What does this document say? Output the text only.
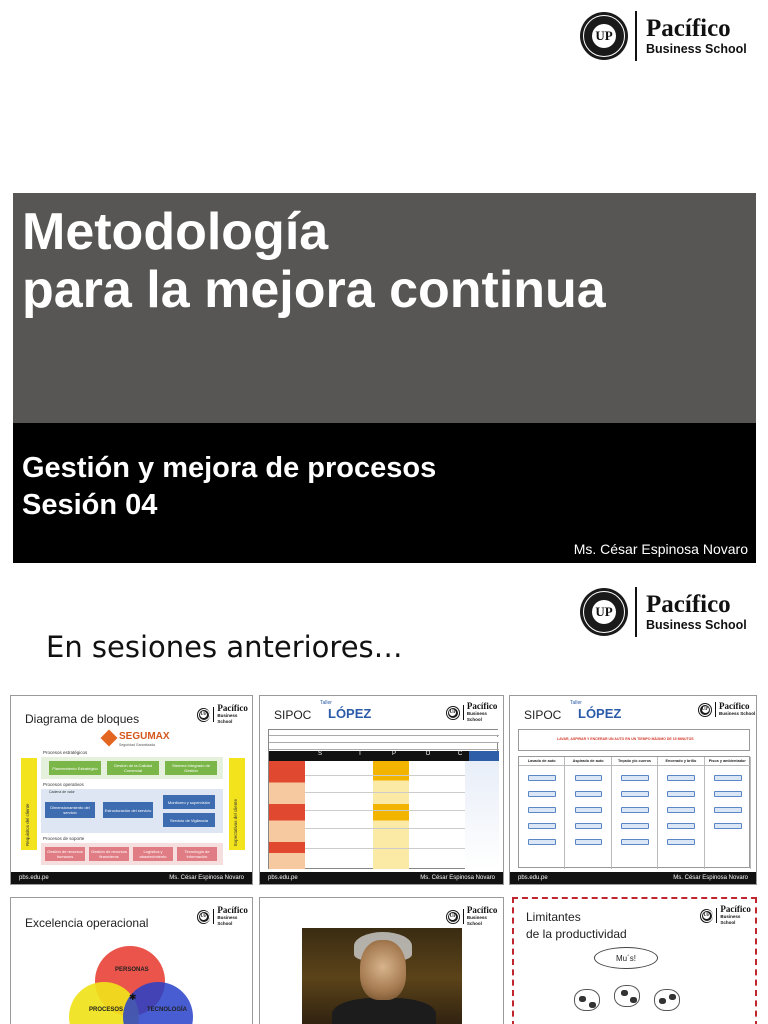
UP Pacífico
Business School
Metodología
para la mejora continua
Gestión y mejora de procesos
Sesión 04
Ms. César Espinosa Novaro
UP Pacífico
Business School
En sesiones anteriores…
Diagrama de bloques	UP
Pacífico
Business School
SEGUMAX
Seguridad Garantizada
Requisitos del cliente	Expectativas del cliente
Procesos estratégicos
Planeamiento Estratégico	Gestión de la Calidad Comercial
Sistema Integrado de Gestión
Procesos operativos
Cadena de valor
Dimensionamiento del servicio	Estructuración del servicio
Monitoreo y supervisión
Servicio de Vigilancia
Procesos de soporte
Gestión de recursos humanos
Gestión de recursos financieros
Logística y abastecimiento
Tecnología de información
pbs.edu.pe	Ms. César Espinosa Novaro
SIPOC
Taller
LÓPEZ	UP
Pacífico
Business School
S	I	P	O	C
pbs.edu.pe	Ms. César Espinosa Novaro
SIPOC
Taller
LÓPEZ	UP Pacífico
Business School
LAVAR, ASPIRAR Y ENCERAR UN AUTO EN UN TIEMPO MÁXIMO DE 15 MINUTOS
Lavado de auto	Aspirado de auto	Teçado y/o cueros	Encerado y brillo	Pisos y ambientador
pbs.edu.pe	Ms. César Espinosa Novaro
Excelencia operacional	UP
Pacífico
Business School
PERSONAS
PROCESOS	TECNOLOGÍA
✱
UP
Pacífico
Business School	Limitantes
de la productividad
UP
Pacífico
Business School
Mu´s!
